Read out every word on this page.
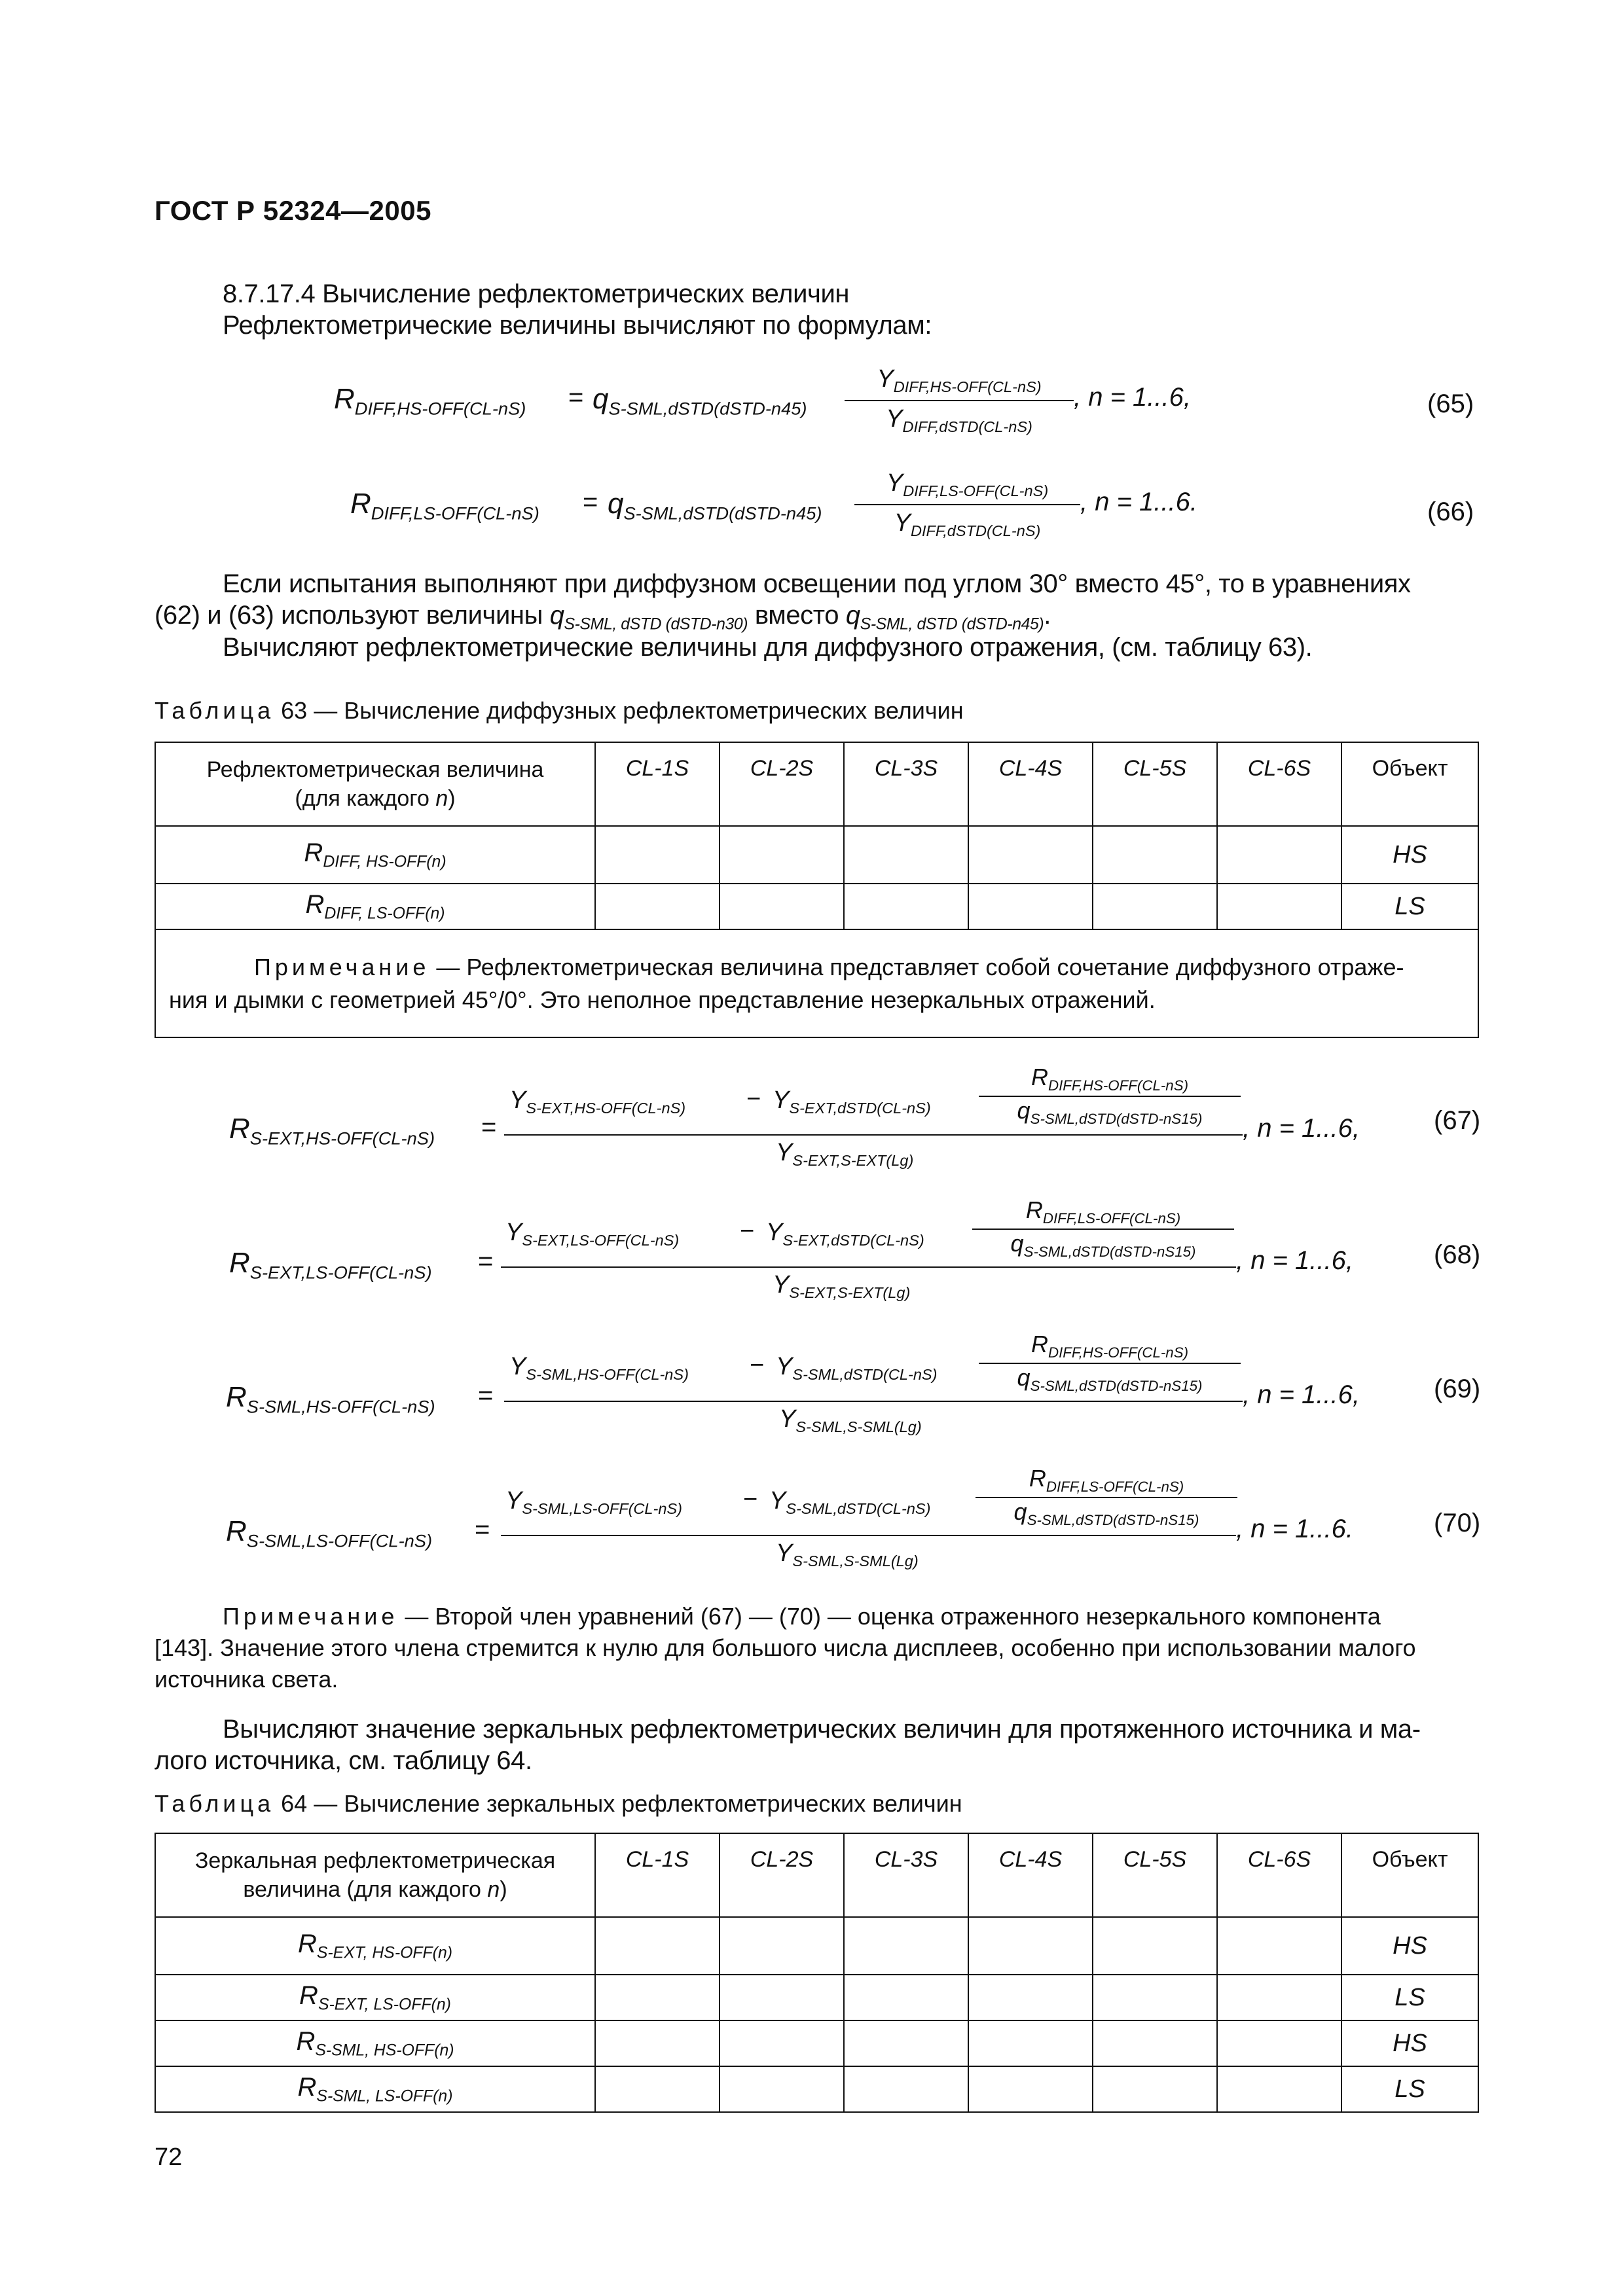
ГОСТ Р 52324—2005
8.7.17.4 Вычисление рефлектометрических величин
Рефлектометрические величины вычисляют по формулам:
$R_{DIFF,HS-OFF(CL-nS)} = q_{S-SML,dSTD(dSTD-n45)}$
$Y_{DIFF,HS-OFF(CL-nS)}$
$Y_{DIFF,dSTD(CL-nS)}$
, n = 1...6,	(65)
$R_{DIFF,LS-OFF(CL-nS)} = q_{S-SML,dSTD(dSTD-n45)}$
$Y_{DIFF,LS-OFF(CL-nS)}$
$Y_{DIFF,dSTD(CL-nS)}$
, n = 1...6.	(66)
Если испытания выполняют при диффузном освещении под углом 30° вместо 45°, то в уравнениях
(62) и (63) используют величины $q_{S-SML, dSTD (dSTD-n30)}$ вместо $q_{S-SML, dSTD (dSTD-n45)}$.
Вычисляют рефлектометрические величины для диффузного отражения, (см. таблицу 63).
Таблица 63 — Вычисление диффузных рефлектометрических величин
Рефлектометрическая величина
(для каждого n)	CL-1S	CL-2S	CL-3S	CL-4S	CL-5S	CL-6S	Объект
$R_{DIFF, HS-OFF(n)}$							HS
$R_{DIFF, LS-OFF(n)}$							LS

Примечание — Рефлектометрическая величина представляет собой сочетание диффузного отраже-
ния и дымки с геометрией 45°/0°. Это неполное представление незеркальных отражений.							
$R_{S-EXT,HS-OFF(CL-nS)}$ =
$Y_{S-EXT,HS-OFF(CL-nS)} - Y_{S-EXT,dSTD(CL-nS)}$
$R_{DIFF,HS-OFF(CL-nS)}$
$q_{S-SML,dSTD(dSTD-nS15)}$
$Y_{S-EXT,S-EXT(Lg)}$
, n = 1...6,	(67)
$R_{S-EXT,LS-OFF(CL-nS)}$ =
$Y_{S-EXT,LS-OFF(CL-nS)} - Y_{S-EXT,dSTD(CL-nS)}$
$R_{DIFF,LS-OFF(CL-nS)}$
$q_{S-SML,dSTD(dSTD-nS15)}$
$Y_{S-EXT,S-EXT(Lg)}$
, n = 1...6,	(68)
$R_{S-SML,HS-OFF(CL-nS)}$ =
$Y_{S-SML,HS-OFF(CL-nS)} - Y_{S-SML,dSTD(CL-nS)}$
$R_{DIFF,HS-OFF(CL-nS)}$
$q_{S-SML,dSTD(dSTD-nS15)}$
$Y_{S-SML,S-SML(Lg)}$
, n = 1...6,	(69)
$R_{S-SML,LS-OFF(CL-nS)}$ =
$Y_{S-SML,LS-OFF(CL-nS)} - Y_{S-SML,dSTD(CL-nS)}$
$R_{DIFF,LS-OFF(CL-nS)}$
$q_{S-SML,dSTD(dSTD-nS15)}$
$Y_{S-SML,S-SML(Lg)}$
, n = 1...6.	(70)
Примечание — Второй член уравнений (67) — (70) — оценка отраженного незеркального компонента
[143]. Значение этого члена стремится к нулю для большого числа дисплеев, особенно при использовании малого
источника света.
Вычисляют значение зеркальных рефлектометрических величин для протяженного источника и ма-
лого источника, см. таблицу 64.
Таблица 64 — Вычисление зеркальных рефлектометрических величин
Зеркальная рефлектометрическая
величина (для каждого n)	CL-1S	CL-2S	CL-3S	CL-4S	CL-5S	CL-6S	Объект
$R_{S-EXT, HS-OFF(n)}$							HS
$R_{S-EXT, LS-OFF(n)}$							LS
$R_{S-SML, HS-OFF(n)}$							HS
$R_{S-SML, LS-OFF(n)}$							LS
72
